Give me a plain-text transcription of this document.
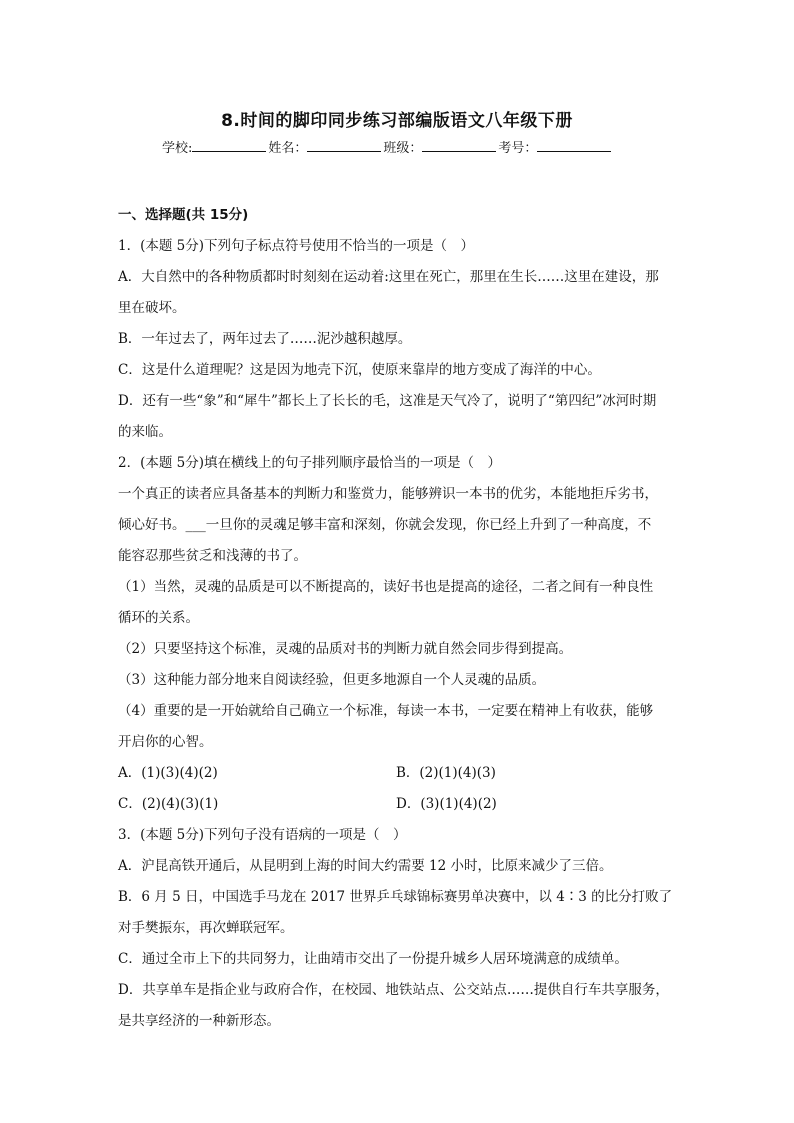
8.时间的脚印同步练习部编版语文八年级下册
学校:	姓名：	班级：	考号：

一、选择题(共 15分)

1．(本题 5分)下列句子标点符号使用不恰当的一项是（　）

A．大自然中的各种物质都时时刻刻在运动着:这里在死亡，那里在生长……这里在建设，那

里在破坏。

B．一年过去了，两年过去了……泥沙越积越厚。

C．这是什么道理呢？这是因为地壳下沉，使原来靠岸的地方变成了海洋的中心。

D．还有一些“象”和“犀牛”都长上了长长的毛，这准是天气冷了，说明了“第四纪”冰河时期

的来临。

2．(本题 5分)填在横线上的句子排列顺序最恰当的一项是（　）

一个真正的读者应具备基本的判断力和鉴赏力，能够辨识一本书的优劣，本能地拒斥劣书，

倾心好书。___一旦你的灵魂足够丰富和深刻，你就会发现，你已经上升到了一种高度，不

能容忍那些贫乏和浅薄的书了。

（1）当然，灵魂的品质是可以不断提高的，读好书也是提高的途径，二者之间有一种良性

循环的关系。

（2）只要坚持这个标准，灵魂的品质对书的判断力就自然会同步得到提高。

（3）这种能力部分地来自阅读经验，但更多地源自一个人灵魂的品质。

（4）重要的是一开始就给自己确立一个标准，每读一本书，一定要在精神上有收获，能够

开启你的心智。

A．(1)(3)(4)(2)	B．(2)(1)(4)(3)
C．(2)(4)(3)(1)	D．(3)(1)(4)(2)

3．(本题 5分)下列句子没有语病的一项是（　）

A．沪昆高铁开通后，从昆明到上海的时间大约需要 12 小时，比原来减少了三倍。

B．6 月 5 日，中国选手马龙在 2017 世界乒乓球锦标赛男单决赛中，以 4∶3 的比分打败了

对手樊振东，再次蝉联冠军。

C．通过全市上下的共同努力，让曲靖市交出了一份提升城乡人居环境满意的成绩单。

D．共享单车是指企业与政府合作，在校园、地铁站点、公交站点……提供自行车共享服务，

是共享经济的一种新形态。
